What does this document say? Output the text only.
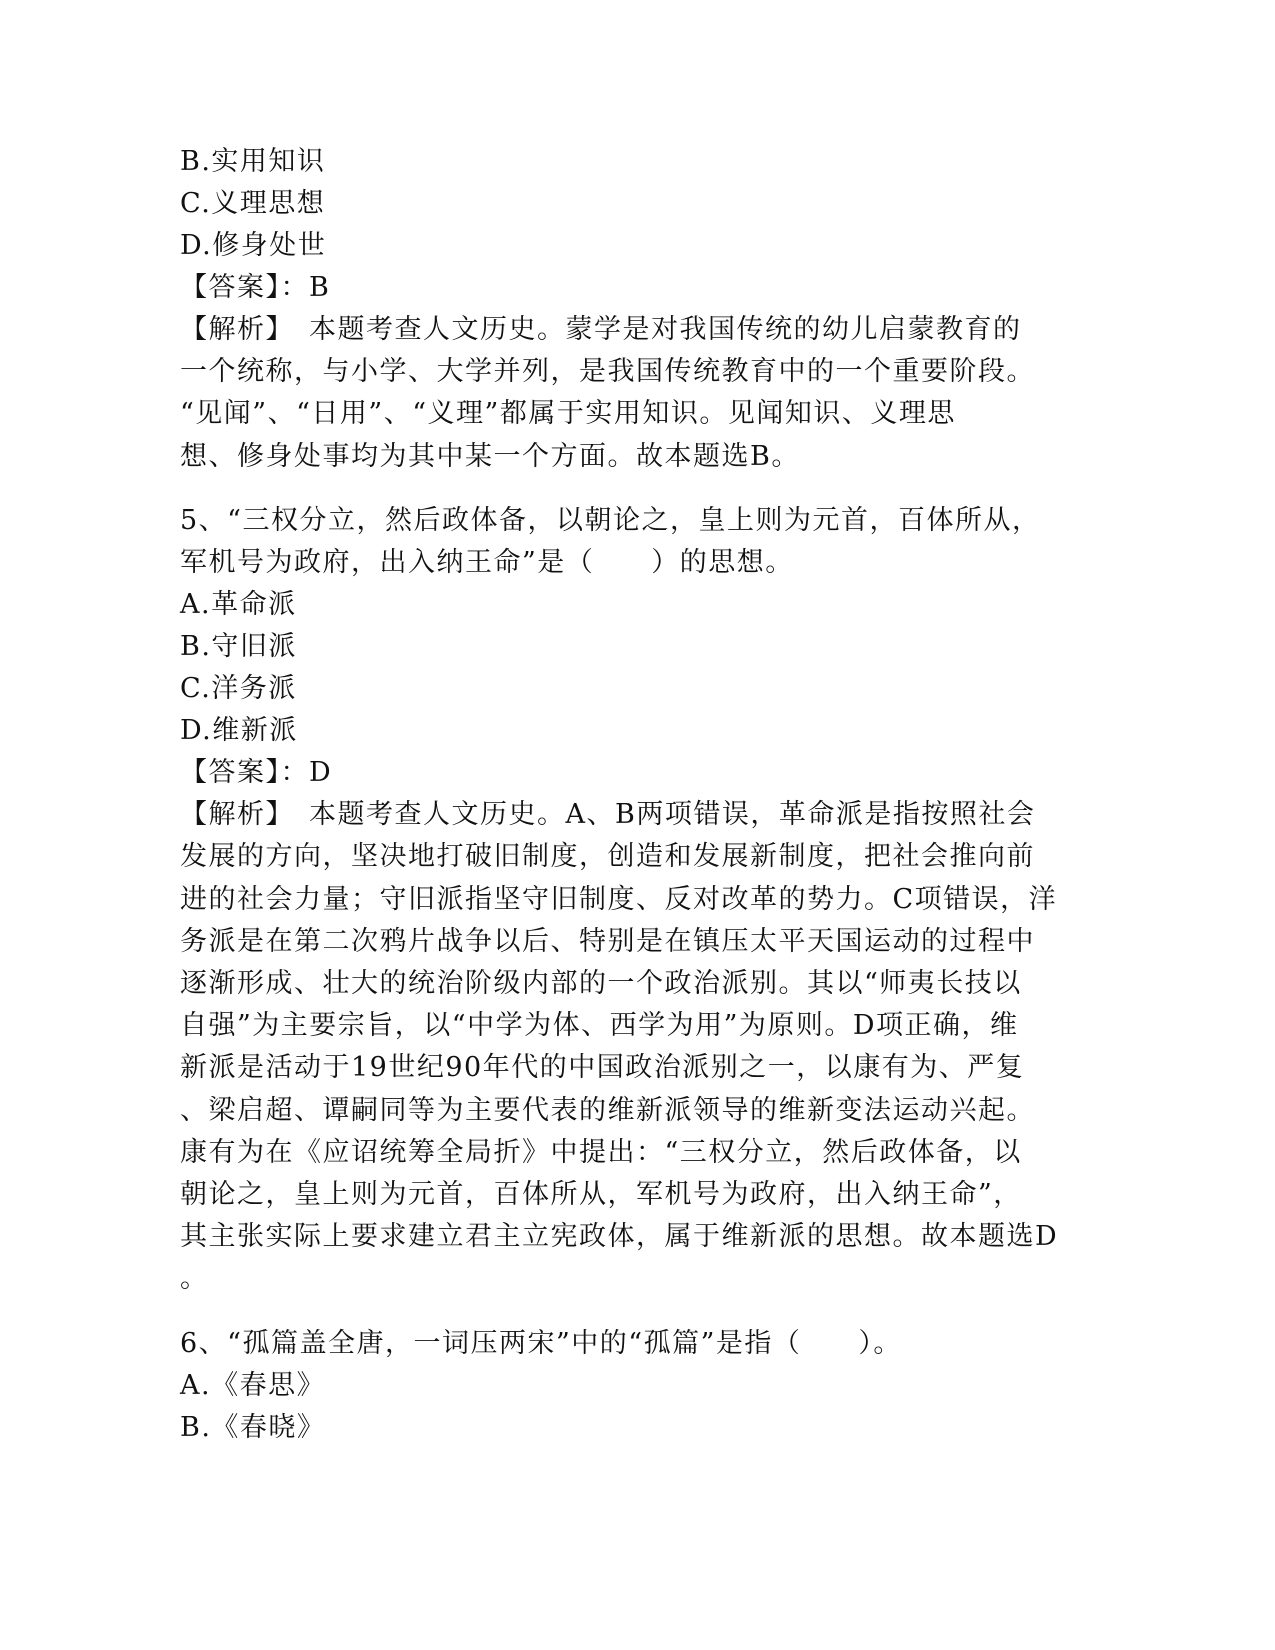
B.实用知识
C.义理思想
D.修身处世
【答案】：B
【解析】　本题考查人文历史。蒙学是对我国传统的幼儿启蒙教育的
一个统称，与小学、大学并列，是我国传统教育中的一个重要阶段。
“见闻”、“日用”、“义理”都属于实用知识。见闻知识、义理思
想、修身处事均为其中某一个方面。故本题选B。
5、“三权分立，然后政体备，以朝论之，皇上则为元首，百体所从，
军机号为政府，出入纳王命”是（　　）的思想。
A.革命派
B.守旧派
C.洋务派
D.维新派
【答案】：D
【解析】　本题考查人文历史。A、B两项错误，革命派是指按照社会
发展的方向，坚决地打破旧制度，创造和发展新制度，把社会推向前
进的社会力量；守旧派指坚守旧制度、反对改革的势力。C项错误，洋
务派是在第二次鸦片战争以后、特别是在镇压太平天国运动的过程中
逐渐形成、壮大的统治阶级内部的一个政治派别。其以“师夷长技以
自强”为主要宗旨，以“中学为体、西学为用”为原则。D项正确，维
新派是活动于19世纪90年代的中国政治派别之一，以康有为、严复
、梁启超、谭嗣同等为主要代表的维新派领导的维新变法运动兴起。
康有为在《应诏统筹全局折》中提出：“三权分立，然后政体备，以
朝论之，皇上则为元首，百体所从，军机号为政府，出入纳王命”，
其主张实际上要求建立君主立宪政体，属于维新派的思想。故本题选D
。
6、“孤篇盖全唐，一词压两宋”中的“孤篇”是指（　　）。
A.《春思》
B.《春晓》
